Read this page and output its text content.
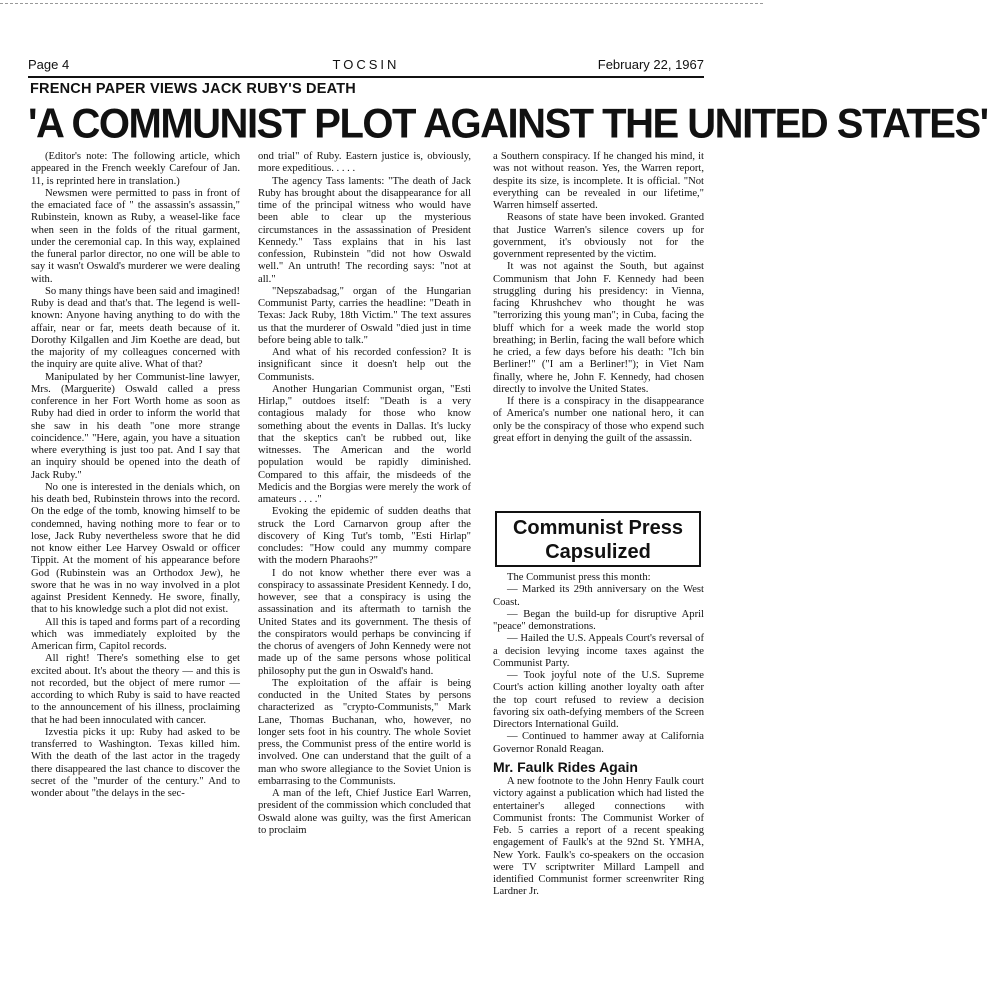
Page 4	TOCSIN	February 22, 1967
FRENCH PAPER VIEWS JACK RUBY'S DEATH
'A COMMUNIST PLOT AGAINST THE UNITED STATES'

(Editor's note: The following article, which appeared in the French weekly Carefour of Jan. 11, is reprinted here in translation.)

Newsmen were permitted to pass in front of the emaciated face of " the assassin's assassin," Rubinstein, known as Ruby, a weasel-like face when seen in the folds of the ritual garment, under the ceremonial cap. In this way, explained the funeral parlor director, no one will be able to say it wasn't Oswald's murderer we were dealing with.

So many things have been said and imagined! Ruby is dead and that's that. The legend is well-known: Anyone having anything to do with the affair, near or far, meets death because of it. Dorothy Kilgallen and Jim Koethe are dead, but the majority of my colleagues concerned with the inquiry are quite alive. What of that?

Manipulated by her Communist-line lawyer, Mrs. (Marguerite) Oswald called a press conference in her Fort Worth home as soon as Ruby had died in order to inform the world that she saw in his death "one more strange coincidence." "Here, again, you have a situation where everything is just too pat. And I say that an inquiry should be opened into the death of Jack Ruby."

No one is interested in the denials which, on his death bed, Rubinstein throws into the record. On the edge of the tomb, knowing himself to be condemned, having nothing more to fear or to lose, Jack Ruby nevertheless swore that he did not know either Lee Harvey Oswald or officer Tippit. At the moment of his appearance before God (Rubinstein was an Orthodox Jew), he swore that he was in no way involved in a plot against President Kennedy. He swore, finally, that to his knowledge such a plot did not exist.

All this is taped and forms part of a recording which was immediately exploited by the American firm, Capitol records.

All right! There's something else to get excited about. It's about the theory — and this is not recorded, but the object of mere rumor — according to which Ruby is said to have reacted to the announcement of his illness, proclaiming that he had been innoculated with cancer.

Izvestia picks it up: Ruby had asked to be transferred to Washington. Texas killed him. With the death of the last actor in the tragedy there disappeared the last chance to discover the secret of the "murder of the century." And to wonder about "the delays in the sec-

ond trial" of Ruby. Eastern justice is, obviously, more expeditious. . . . .

The agency Tass laments: "The death of Jack Ruby has brought about the disappearance for all time of the principal witness who would have been able to clear up the mysterious circumstances in the assassination of President Kennedy." Tass explains that in his last confession, Rubinstein "did not how Oswald well." An untruth! The recording says: "not at all."

"Nepszabadsag," organ of the Hungarian Communist Party, carries the headline: "Death in Texas: Jack Ruby, 18th Victim." The text assures us that the murderer of Oswald "died just in time before being able to talk."

And what of his recorded confession? It is insignificant since it doesn't help out the Communists.

Another Hungarian Communist organ, "Esti Hirlap," outdoes itself: "Death is a very contagious malady for those who know something about the events in Dallas. It's lucky that the skeptics can't be rubbed out, like witnesses. The American and the world population would be rapidly diminished. Compared to this affair, the misdeeds of the Medicis and the Borgias were merely the work of amateurs . . . ."

Evoking the epidemic of sudden deaths that struck the Lord Carnarvon group after the discovery of King Tut's tomb, "Esti Hirlap" concludes: "How could any mummy compare with the modern Pharaohs?"

I do not know whether there ever was a conspiracy to assassinate President Kennedy. I do, however, see that a conspiracy is using the assassination and its aftermath to tarnish the United States and its government. The thesis of the conspirators would perhaps be convincing if the chorus of avengers of John Kennedy were not made up of the same persons whose political philosophy put the gun in Oswald's hand.

The exploitation of the affair is being conducted in the United States by persons characterized as "crypto-Communists," Mark Lane, Thomas Buchanan, who, however, no longer sets foot in his country. The whole Soviet press, the Communist press of the entire world is involved. One can understand that the guilt of a man who swore allegiance to the Soviet Union is embarrasing to the Communists.

A man of the left, Chief Justice Earl Warren, president of the commission which concluded that Oswald alone was guilty, was the first American to proclaim

a Southern conspiracy. If he changed his mind, it was not without reason. Yes, the Warren report, despite its size, is incomplete. It is official. "Not everything can be revealed in our lifetime," Warren himself asserted.

Reasons of state have been invoked. Granted that Justice Warren's silence covers up for government, it's obviously not for the government represented by the victim.

It was not against the South, but against Communism that John F. Kennedy had been struggling during his presidency: in Vienna, facing Khrushchev who thought he was "terrorizing this young man"; in Cuba, facing the bluff which for a week made the world stop breathing; in Berlin, facing the wall before which he cried, a few days before his death: "Ich bin Berliner!" ("I am a Berliner!"); in Viet Nam finally, where he, John F. Kennedy, had chosen directly to involve the United States.

If there is a conspiracy in the disappearance of America's number one national hero, it can only be the conspiracy of those who expend such great effort in denying the guilt of the assassin.

Communist Press
Capsulized

The Communist press this month:

— Marked its 29th anniversary on the West Coast.

— Began the build-up for disruptive April "peace" demonstrations.

— Hailed the U.S. Appeals Court's reversal of a decision levying income taxes against the Communist Party.

— Took joyful note of the U.S. Supreme Court's action killing another loyalty oath after the top court refused to review a decision favoring six oath-defying members of the Screen Directors International Guild.

— Continued to hammer away at California Governor Ronald Reagan.

Mr. Faulk Rides Again

A new footnote to the John Henry Faulk court victory against a publication which had listed the entertainer's alleged connections with Communist fronts: The Communist Worker of Feb. 5 carries a report of a recent speaking engagement of Faulk's at the 92nd St. YMHA, New York. Faulk's co-speakers on the occasion were TV scriptwriter Millard Lampell and identified Communist former screenwriter Ring Lardner Jr.
